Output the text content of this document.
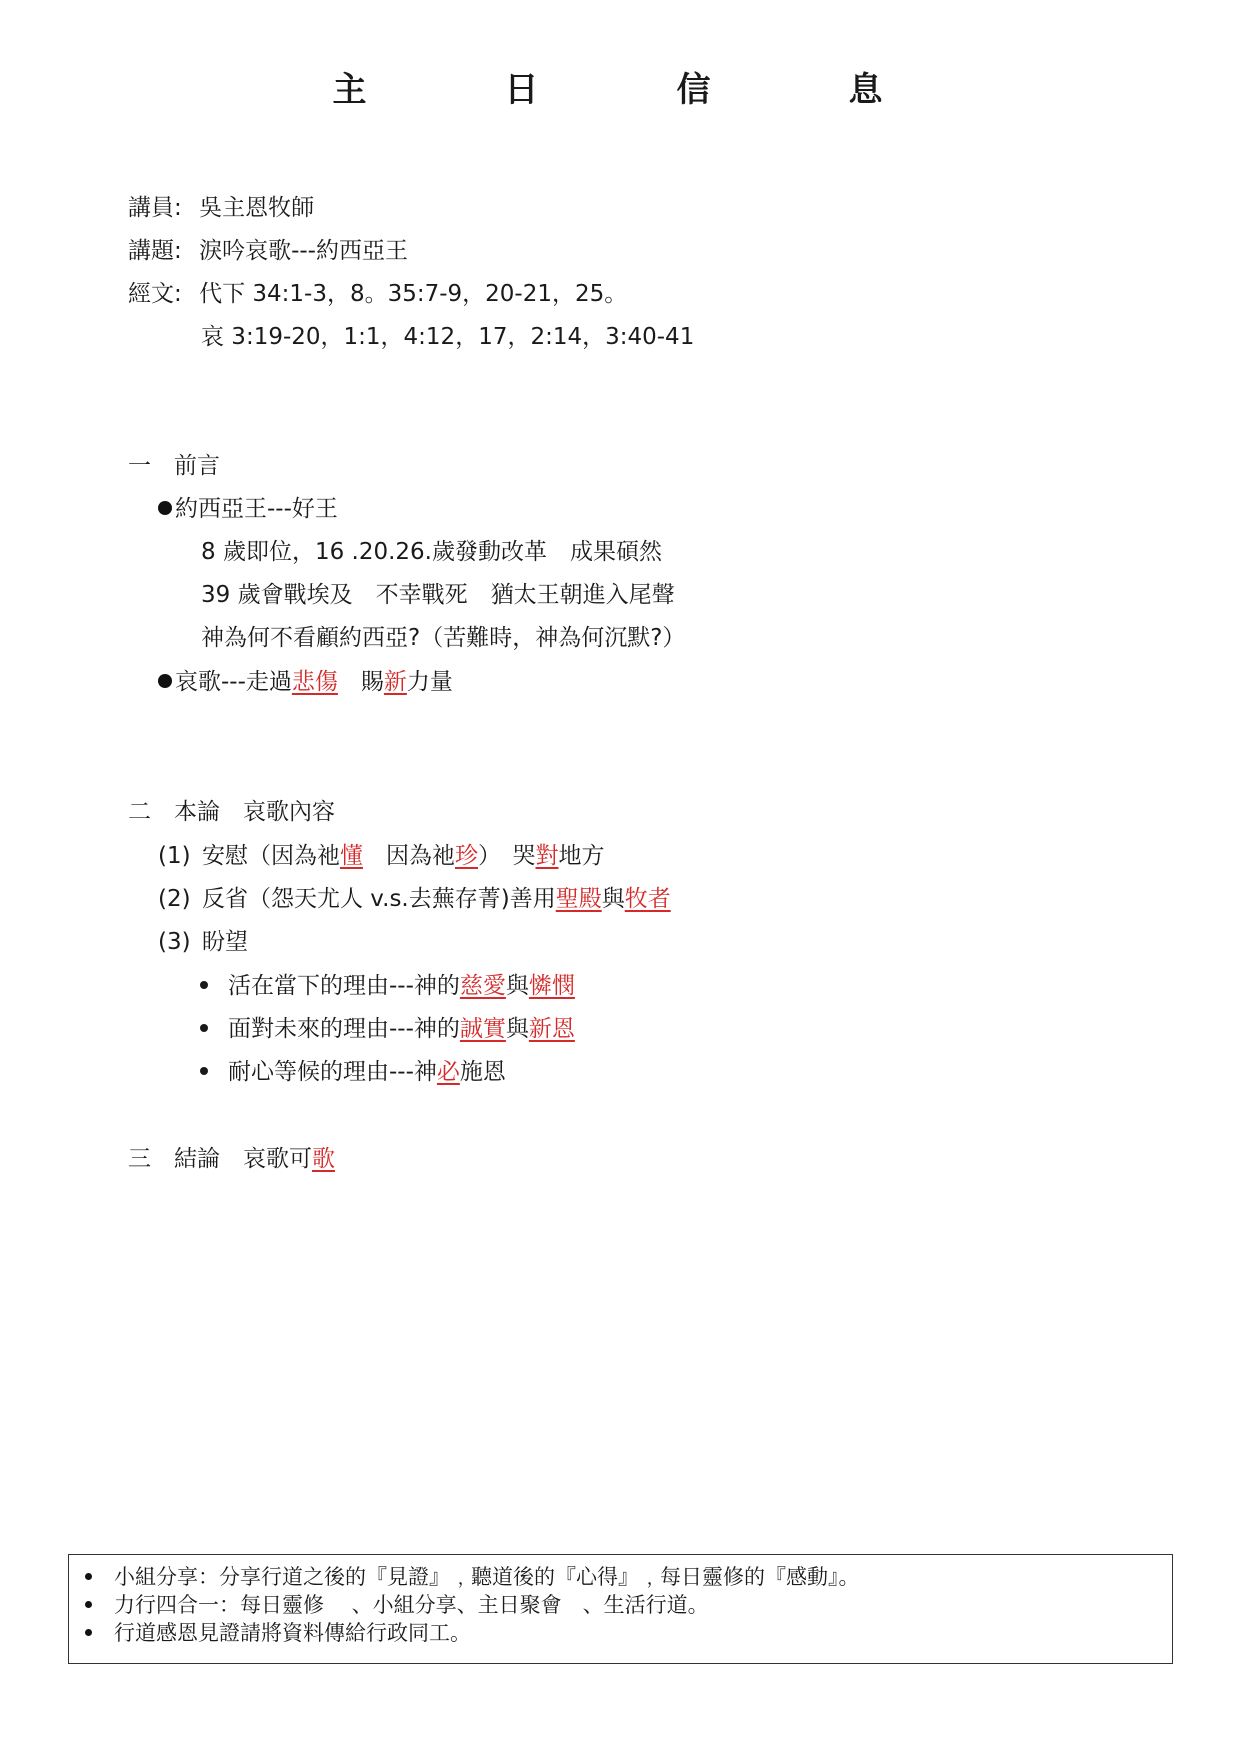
主　日　信　息
講員: 吳主恩牧師
講題: 淚吟哀歌---約西亞王
經文: 代下 34:1-3，8。35:7-9，20-21，25。
哀 3:19-20，1:1，4:12，17，2:14，3:40-41
一　前言
約西亞王---好王
8 歲即位，16 .20.26.歲發動改革　成果碩然
39 歲會戰埃及　不幸戰死　猶太王朝進入尾聲
神為何不看顧約西亞?（苦難時，神為何沉默?）
哀歌---走過悲傷　賜新力量
二　本論　哀歌內容
(1) 安慰（因為祂懂　因為祂珍）　哭對地方
(2) 反省（怨天尤人 v.s.去蕪存菁)善用聖殿與牧者
(3) 盼望
活在當下的理由---神的慈愛與憐憫
面對未來的理由---神的誠實與新恩
耐心等候的理由---神必施恩
三　結論　哀歌可歌
小組分享：分享行道之後的『見證』﹐聽道後的『心得』﹐每日靈修的『感動』。
力行四合一：每日靈修　 、小組分享、主日聚會　、生活行道。
行道感恩見證請將資料傳給行政同工。
